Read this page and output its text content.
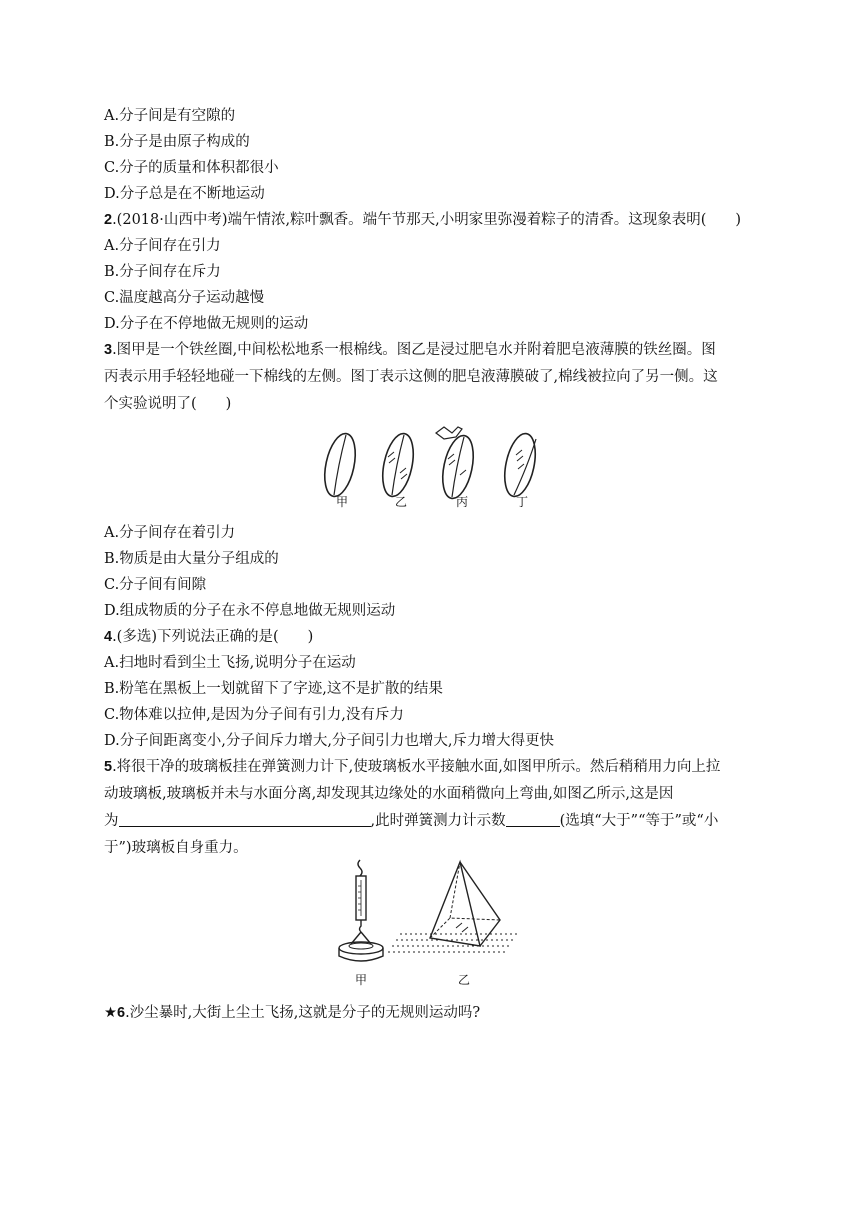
A.分子间是有空隙的
B.分子是由原子构成的
C.分子的质量和体积都很小
D.分子总是在不断地运动
2.(2018·山西中考)端午情浓,粽叶飘香。端午节那天,小明家里弥漫着粽子的清香。这现象表明(　　)
A.分子间存在引力
B.分子间存在斥力
C.温度越高分子运动越慢
D.分子在不停地做无规则的运动
3.图甲是一个铁丝圈,中间松松地系一根棉线。图乙是浸过肥皂水并附着肥皂液薄膜的铁丝圈。图
丙表示用手轻轻地碰一下棉线的左侧。图丁表示这侧的肥皂液薄膜破了,棉线被拉向了另一侧。这
个实验说明了(　　)
甲	乙	丙	丁
A.分子间存在着引力
B.物质是由大量分子组成的
C.分子间有间隙
D.组成物质的分子在永不停息地做无规则运动
4.(多选)下列说法正确的是(　　)
A.扫地时看到尘土飞扬,说明分子在运动
B.粉笔在黑板上一划就留下了字迹,这不是扩散的结果
C.物体难以拉伸,是因为分子间有引力,没有斥力
D.分子间距离变小,分子间斥力增大,分子间引力也增大,斥力增大得更快
5.将很干净的玻璃板挂在弹簧测力计下,使玻璃板水平接触水面,如图甲所示。然后稍稍用力向上拉
动玻璃板,玻璃板并未与水面分离,却发现其边缘处的水面稍微向上弯曲,如图乙所示,这是因
为	,此时弹簧测力计示数	(选填“大于”“等于”或“小
于”)玻璃板自身重力。
甲	乙
★6.沙尘暴时,大街上尘土飞扬,这就是分子的无规则运动吗?
